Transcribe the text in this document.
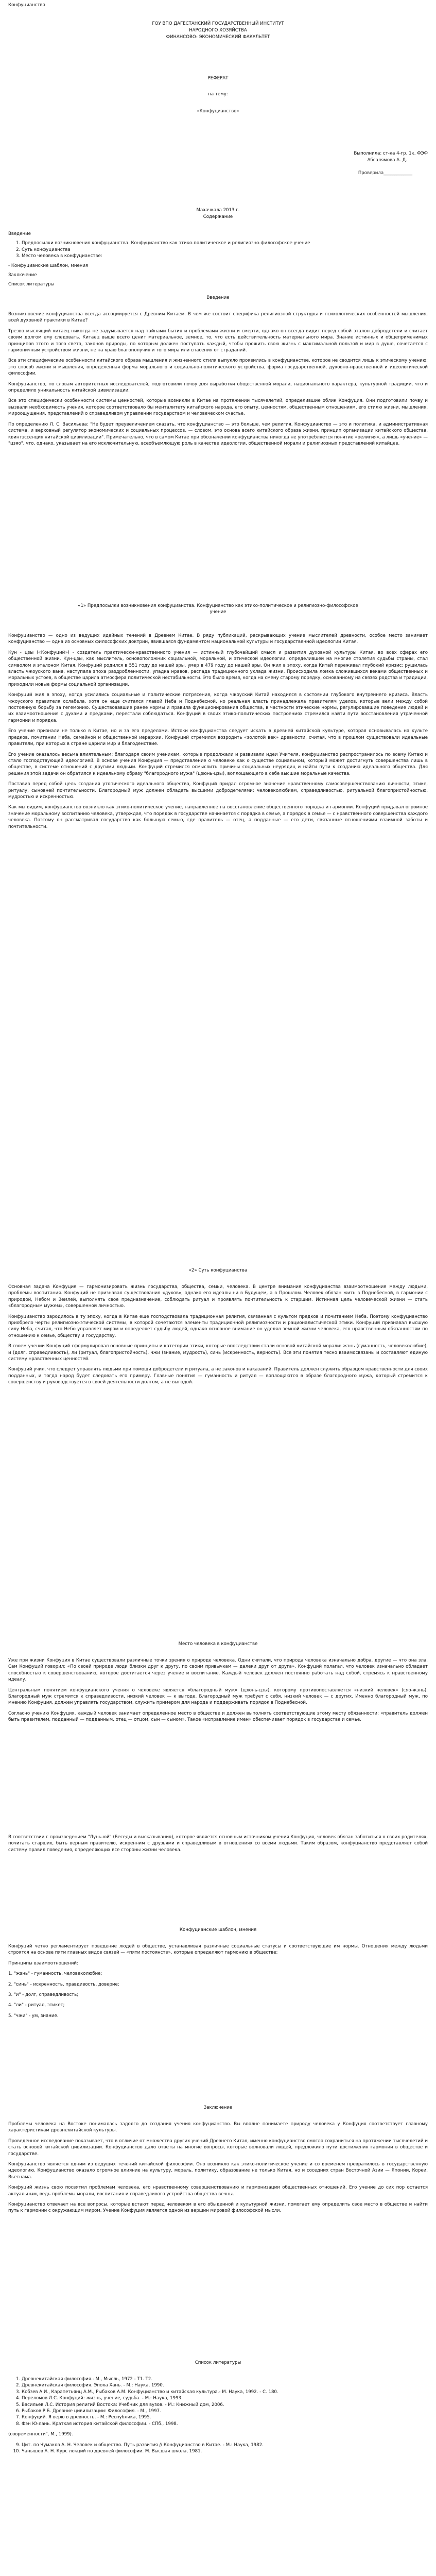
Конфуцианство
ГОУ ВПО ДАГЕСТАНСКИЙ ГОСУДАРСТВЕННЫЙ ИНСТИТУТ
НАРОДНОГО ХОЗЯЙСТВА
ФИНАНСОВО- ЭКОНОМИЧЕСКИЙ ФАКУЛЬТЕТ
РЕФЕРАТ
на тему:
«Конфуцианство»
Выполнила: ст-ка 4-гр. 1к. ФЭФ
Абсалямова А. Д.
Проверила_____________
Махачкала 2013 г.
Содержание
Введение
1. Предпосылки возникновения конфуцианства. Конфуцианство как этико-политическое и религиозно-философское учение
2. Суть конфуцианства
3. Место человека в конфуцианстве:
- Конфуцианские шаблон, мнения
Заключение
Список литературы
Введение

Возникновение конфуцианства всегда ассоциируется с Древним Китаем. В чем же состоит специфика религиозной структуры и психологических особенностей мышления, всей духовной практики в Китае?

Трезво мыслящий китаец никогда не задумывается над тайнами бытия и проблемами жизни и смерти, однако он всегда видит перед собой эталон добродетели и считает своим долгом ему следовать. Китаец выше всего ценит материальное, земное, то, что есть действительность материального мира. Знание истинных и общеприменимых принципов этого и того света, законов природы, по которым должен поступать каждый, чтобы прожить свою жизнь с максимальной пользой и мир в душе, сочетается с гармоничным устройством жизни, не на краю благополучия и того мира или спасения от страданий.

Все эти специфические особенности китайского образа мышления и жизненного стиля выпукло проявились в конфуцианстве, которое не сводится лишь к этическому учению: это способ жизни и мышления, определенная форма морального и социально-политического устройства, форма государственной, духовно-нравственной и идеологической философии.

Конфуцианство, по словам авторитетных исследователей, подготовили почву для выработки общественной морали, национального характера, культурной традиции, что и определило уникальность китайской цивилизации.

Все это специфически особенности системы ценностей, которые возникли в Китае на протяжении тысячелетий, определившие облик Конфуция. Они подготовили почву и вызвали необходимость учения, которое соответствовало бы менталитету китайского народа, его опыту, ценностям, общественным отношениям, его стилю жизни, мышления, мироощущения, представлений о справедливом управлении государством и человеческом счастье.

По определению Л. С. Васильева: "Не будет преувеличением сказать, что конфуцианство — это больше, чем религия. Конфуцианство — это и политика, и административная система, и верховный регулятор экономических и социальных процессов, — словом, это основа всего китайского образа жизни, принцип организации китайского общества, квинтэссенция китайской цивилизации". Примечательно, что в самом Китае при обозначении конфуцианства никогда не употребляется понятие «религия», а лишь «учение» — "цзяо", что, однако, указывает на его исключительную, всеобъемлющую роль в качестве идеологии, общественной морали и религиозных представлений китайцев.

«1» Предпосылки возникновения конфуцианства. Конфуцианство как этико-политическое и религиозно-философское учение

Конфуцианство — одно из ведущих идейных течений в Древнем Китае. В ряду публикаций, раскрывающих учение мыслителей древности, особое место занимает конфуцианство — одна из основных философских доктрин, явившаяся фундаментом национальной культуры и государственной идеологии Китая.

Кун - цзы («Конфуций») - создатель практически-нравственного учения — истинный глубочайший смысл и развития духовной культуры Китая, во всех сферах его общественной жизни. Кун-цзы, как мыслитель, основоположник социальной, моральной, и этической идеологии, определившей на многие столетия судьбы страны, стал символом и эталоном Китая. Конфуций родился в 551 году до нашей эры, умер в 479 году до нашей эры. Он жил в эпоху, когда Китай переживал глубокий кризис: рушилась власть чжоуского вана, наступала эпоха раздробленности, упадка нравов, распада традиционного уклада жизни. Происходила ломка сложившихся веками общественных и моральных устоев, в обществе царила атмосфера политической нестабильности. Это было время, когда на смену старому порядку, основанному на связях родства и традиции, приходили новые формы социальной организации.

Конфуций жил в эпоху, когда усилились социальные и политические потрясения, когда чжоуский Китай находился в состоянии глубокого внутреннего кризиса. Власть чжоуского правителя ослабела, хотя он еще считался главой Неба и Поднебесной, но реальная власть принадлежала правителям уделов, которые вели между собой постоянную борьбу за гегемонию. Существовавшие ранее нормы и правила функционирования общества, в частности этические нормы, регулировавшие поведение людей и их взаимоотношения с духами и предками, перестали соблюдаться. Конфуций в своих этико-политических построениях стремился найти пути восстановления утраченной гармонии и порядка.

Его учение признали не только в Китае, но и за его пределами. Истоки конфуцианства следует искать в древней китайской культуре, которая основывалась на культе предков, почитании Неба, семейной и общественной иерархии. Конфуций стремился возродить «золотой век» древности, считая, что в прошлом существовали идеальные правители, при которых в стране царили мир и благоденствие.

Его учение оказалось весьма влиятельным: благодаря своим ученикам, которые продолжали и развивали идеи Учителя, конфуцианство распространилось по всему Китаю и стало господствующей идеологией. В основе учения Конфуция — представление о человеке как о существе социальном, который может достигнуть совершенства лишь в обществе, в системе отношений с другими людьми. Конфуций стремился осмыслить причины социальных неурядиц и найти пути к созданию идеального общества. Для решения этой задачи он обратился к идеальному образу "благородного мужа" (цзюнь-цзы), воплощающего в себе высшие моральные качества.

Поставив перед собой цель создания утопического идеального общества, Конфуций придал огромное значение нравственному самосовершенствованию личности, этике, ритуалу, сыновней почтительности. Благородный муж должен обладать высшими добродетелями: человеколюбием, справедливостью, ритуальной благопристойностью, мудростью и искренностью.

Как мы видим, конфуцианство возникло как этико-политическое учение, направленное на восстановление общественного порядка и гармонии. Конфуций придавал огромное значение моральному воспитанию человека, утверждая, что порядок в государстве начинается с порядка в семье, а порядок в семье — с нравственного совершенства каждого человека. Поэтому он рассматривал государство как большую семью, где правитель — отец, а подданные — его дети, связанные отношениями взаимной заботы и почтительности.

«2» Суть конфуцианства

Основная задача Конфуция — гармонизировать жизнь государства, общества, семьи, человека. В центре внимания конфуцианства взаимоотношения между людьми, проблемы воспитания. Конфуций не признавал существования «духов», однако его идеалы ни в Будущем, а в Прошлом. Человек обязан жить в Поднебесной, в гармонии с природой, Небом и Землей, выполнять свое предназначение, соблюдать ритуал и проявлять почтительность к старшим. Истинная цель человеческой жизни — стать «благородным мужем», совершенной личностью.

Конфуцианство зародилось в ту эпоху, когда в Китае еще господствовала традиционная религия, связанная с культом предков и почитанием Неба. Поэтому конфуцианство приобрело черты религиозно-этической системы, в которой сочетаются элементы традиционной религиозности и рационалистической этики. Конфуций признавал высшую силу Неба, считал, что Небо управляет миром и определяет судьбу людей, однако основное внимание он уделял земной жизни человека, его нравственным обязанностям по отношению к семье, обществу и государству.

В своем учении Конфуций сформулировал основные принципы и категории этики, которые впоследствии стали основой китайской морали: жэнь (гуманность, человеколюбие), и (долг, справедливость), ли (ритуал, благопристойность), чжи (знание, мудрость), синь (искренность, верность). Все эти понятия тесно взаимосвязаны и составляют единую систему нравственных ценностей.

Конфуций учил, что следует управлять людьми при помощи добродетели и ритуала, а не законов и наказаний. Правитель должен служить образцом нравственности для своих подданных, и тогда народ будет следовать его примеру. Главные понятия — гуманность и ритуал — воплощаются в образе благородного мужа, который стремится к совершенству и руководствуется в своей деятельности долгом, а не выгодой.

Место человека в конфуцианстве

Уже при жизни Конфуция в Китае существовали различные точки зрения о природе человека. Одни считали, что природа человека изначально добра, другие — что она зла. Сам Конфуций говорил: «По своей природе люди близки друг к другу, по своим привычкам — далеки друг от друга». Конфуций полагал, что человек изначально обладает способностью к совершенствованию, которое достигается через учение и воспитание. Каждый человек должен постоянно работать над собой, стремясь к нравственному идеалу.

Центральным понятием конфуцианского учения о человеке является «благородный муж» (цзюнь-цзы), которому противопоставляется «низкий человек» (сяо-жэнь). Благородный муж стремится к справедливости, низкий человек — к выгоде. Благородный муж требует с себя, низкий человек — с других. Именно благородный муж, по мнению Конфуция, должен управлять государством, служить примером для народа и поддерживать порядок в Поднебесной.

Согласно учению Конфуция, каждый человек занимает определенное место в обществе и должен выполнять соответствующие этому месту обязанности: «правитель должен быть правителем, подданный — подданным, отец — отцом, сын — сыном». Такое «исправление имен» обеспечивает порядок в государстве и семье.

В соответствии с произведением "Лунь-юй" (Беседы и высказывания), которое является основным источником учения Конфуция, человек обязан заботиться о своих родителях, почитать старших, быть верным правителю, искренним с друзьями и справедливым в отношениях со всеми людьми. Таким образом, конфуцианство представляет собой систему правил поведения, определяющих все стороны жизни человека.

Конфуцианские шаблон, мнения

Конфуций четко регламентирует поведение людей в обществе, устанавливая различные социальные статусы и соответствующие им нормы. Отношения между людьми строятся на основе пяти главных видов связей — «пяти постоянств», которые определяют гармонию в обществе:

Принципы взаимоотношений:

1. "жэнь" - гуманность, человеколюбие;
2. "синь" - искренность, правдивость, доверие;
3. "и" - долг, справедливость;
4. "ли" - ритуал, этикет;
5. "чжи" - ум, знание.
Заключение

Проблемы человека на Востоке понималась задолго до создания учения конфуцианство. Вы вполне понимаете природу человека у Конфуция соответствует главному характеристикам древнекитайской культуры.

Проведенное исследование показывает, что в отличие от множества других учений Древнего Китая, именно конфуцианство смогло сохраниться на протяжении тысячелетий и стать основой китайской цивилизации. Конфуцианство дало ответы на многие вопросы, которые волновали людей, предложило пути достижения гармонии в обществе и государстве.

Конфуцианство является одним из ведущих течений китайской философии. Оно возникло как этико-политическое учение и со временем превратилось в государственную идеологию. Конфуцианство оказало огромное влияние на культуру, мораль, политику, образование не только Китая, но и соседних стран Восточной Азии — Японии, Кореи, Вьетнама.

Конфуций жизнь свою посвятил проблемам человека, его нравственному совершенствованию и гармонизации общественных отношений. Его учение до сих пор остается актуальным, ведь проблемы морали, воспитания и справедливого устройства общества вечны.

Конфуцианство отвечает на все вопросы, которые встают перед человеком в его обыденной и культурной жизни, помогает ему определить свое место в обществе и найти путь к гармонии с окружающим миром. Учение Конфуция является одной из вершин мировой философской мысли.

Список литературы
1. Древнекитайская философия.- М., Мысль, 1972 - Т1. Т2.
2. Древнекитайская философия. Эпоха Хань. - М.: Наука, 1990.
3. Кобзев А.И., Карапетьянц А.М., Рыбаков А.М. Конфуцианство и китайская культура.- М. Наука, 1992. - С. 180.
4. Переломов Л.С. Конфуций: жизнь, учение, судьба. - М.: Наука, 1993.
5. Васильев Л.С. История религий Востока: Учебник для вузов. - М.: Книжный дом, 2006.
6. Рыбаков Р.Б. Древние цивилизации: Философия. - М., 1997.
7. Конфуций. Я верю в древность. - М.: Республика, 1995.
8. Фэн Ю-лань. Краткая история китайской философии. - СПб., 1998.

(современности", М., 1999).

9. Цит. по Чумаков А. Н. Человек и общество. Путь развития // Конфуцианство в Китае. - М.: Наука, 1982.
10. Чанышев А. Н. Курс лекций по древней философии. М. Высшая школа, 1981.
